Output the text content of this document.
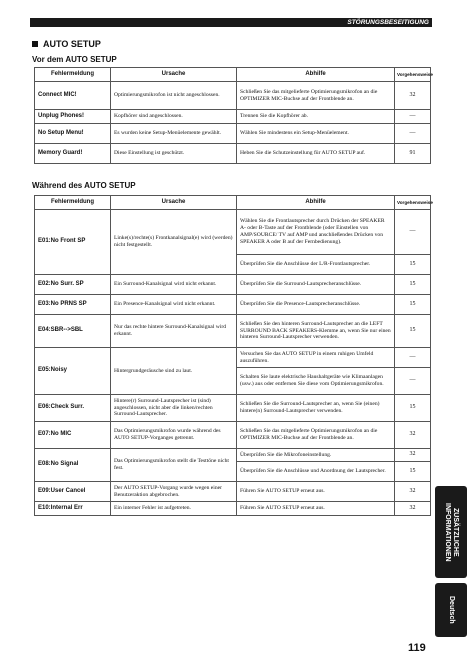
STÖRUNGSBESEITIGUNG
AUTO SETUP
Vor dem AUTO SETUP
Fehlermeldung	Ursache	Abhilfe	Vorgehensweise
Connect MIC!	Optimierungsmikrofon ist nicht angeschlossen.	Schließen Sie das mitgelieferte Optimierungsmikrofon an die OPTIMIZER MIC-Buchse auf der Frontblende an.	32
Unplug Phones!	Kopfhörer sind angeschlossen.	Trennen Sie die Kopfhörer ab.	—
No Setup Menu!	Es wurden keine Setup-Menüelemente gewählt.	Wählen Sie mindestens ein Setup-Menüelement.	—
Memory Guard!	Diese Einstellung ist geschützt.	Heben Sie die Schutzeinstellung für AUTO SETUP auf.	91
Während des AUTO SETUP
Fehlermeldung	Ursache	Abhilfe	Vorgehensweise
E01:No Front SP	Linke(s)/rechte(s) Frontkanalsignal(e) wird (werden) nicht festgestellt.	Wählen Sie die Frontlautsprecher durch Drücken der SPEAKER A- oder B-Taste auf der Frontblende (oder Einstellen von AMP/SOURCE/ TV auf AMP und anschließendes Drücken von SPEAKER A oder B auf der Fernbedienung).	—
		Überprüfen Sie die Anschlüsse der L/R-Frontlautsprecher.	15
E02:No Surr. SP	Ein Surround-Kanalsignal wird nicht erkannt.	Überprüfen Sie die Surround-Lautsprecheranschlüsse.	15
E03:No PRNS SP	Ein Presence-Kanalsignal wird nicht erkannt.	Überprüfen Sie die Presence-Lautsprecheranschlüsse.	15
E04:SBR-->SBL	Nur das rechte hintere Surround-Kanalsignal wird erkannt.	Schließen Sie den hinteren Surround-Lautsprecher an die LEFT SURROUND BACK SPEAKERS-Klemme an, wenn Sie nur einen hinteren Surround-Lautsprecher verwenden.	15
E05:Noisy	Hintergrundgeräusche sind zu laut.	Versuchen Sie das AUTO SETUP in einem ruhigen Umfeld auszuführen.	—
		Schalten Sie laute elektrische Haushaltgeräte wie Klimaanlagen (usw.) aus oder entfernen Sie diese vom Optimierungsmikrofon.	—
E06:Check Surr.	Hintere(r) Surround-Lautsprecher ist (sind) angeschlossen, nicht aber die linken/rechten Surround-Lautsprecher.	Schließen Sie die Surround-Lautsprecher an, wenn Sie (einen) hintere(n) Surround-Lautsprecher verwenden.	15
E07:No MIC	Das Optimierungsmikrofon wurde während des AUTO SETUP-Vorganges getrennt.	Schließen Sie das mitgelieferte Optimierungsmikrofon an die OPTIMIZER MIC-Buchse auf der Frontblende an.	32
E08:No Signal	Das Optimierungsmikrofon stellt die Testtöne nicht fest.	Überprüfen Sie die Mikrofoneinstellung.	32
		Überprüfen Sie die Anschlüsse und Anordnung der Lautsprecher.	15
E09:User Cancel	Der AUTO SETUP-Vorgang wurde wegen einer Benutzeraktion abgebrochen.	Führen Sie AUTO SETUP erneut aus.	32
E10:Internal Err	Ein interner Fehler ist aufgetreten.	Führen Sie AUTO SETUP erneut aus.	32	ZUSÄTZLICHE
INFORMATIONEN
Deutsch
119
